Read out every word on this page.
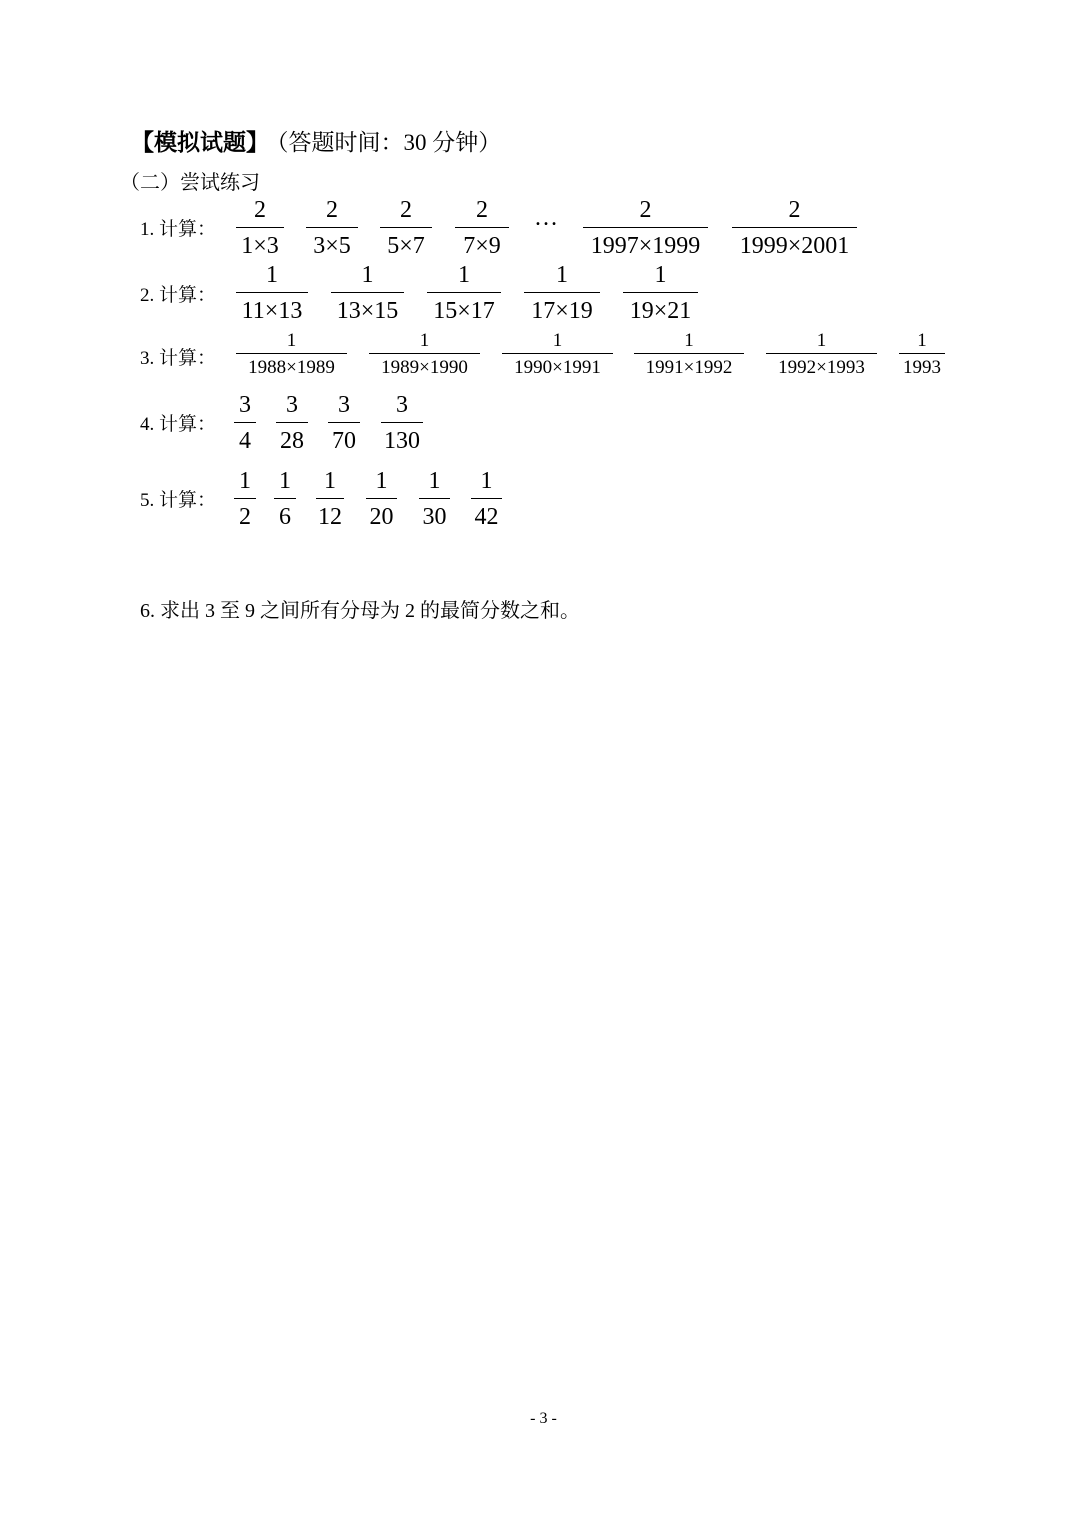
【模拟试题】 （答题时间：30 分钟）
（二）尝试练习
1. 计算：
2
1×3
2
3×5
2
5×7
2
7×9
…	2
1997×1999
2
1999×2001
2. 计算：
1
11×13
1
13×15
1
15×17
1
17×19
1
19×21
3. 计算：
1
1988×1989
1
1989×1990
1
1990×1991
1
1991×1992
1
1992×1993
1
1993
4. 计算：
3
4
3
28
3
70
3
130
5. 计算：
1
2
1
6
1
12
1
20
1
30
1
42
6. 求出 3 至 9 之间所有分母为 2 的最简分数之和。
- 3 -
